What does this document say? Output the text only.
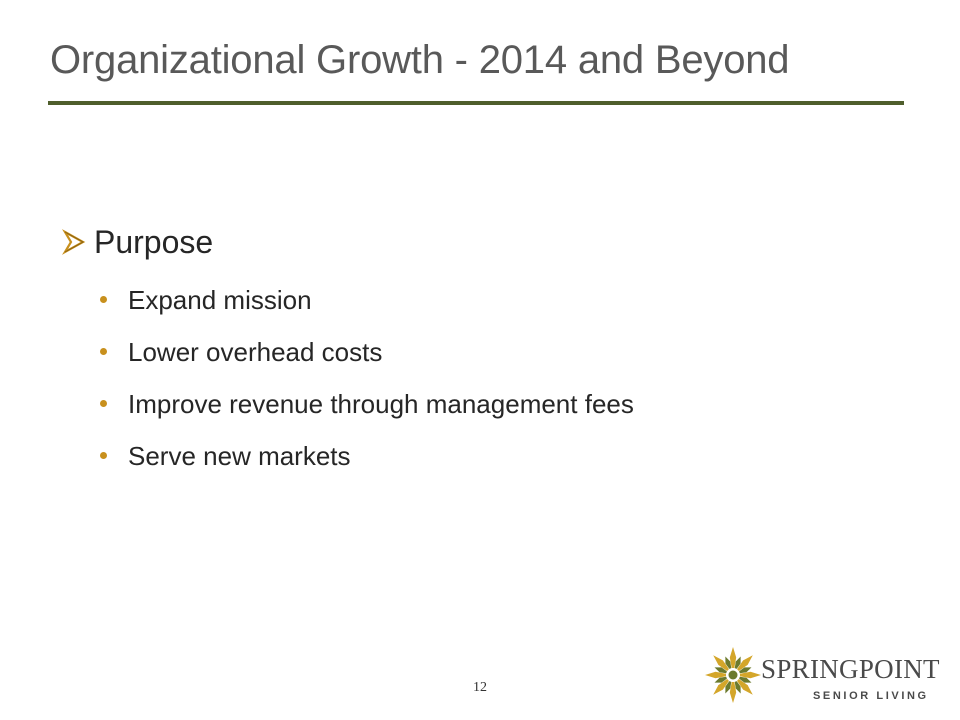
Organizational Growth - 2014 and Beyond
Purpose
Expand mission
Lower overhead costs
Improve revenue through management fees
Serve new markets
12
SPRINGPOINT
SENIOR LIVING
